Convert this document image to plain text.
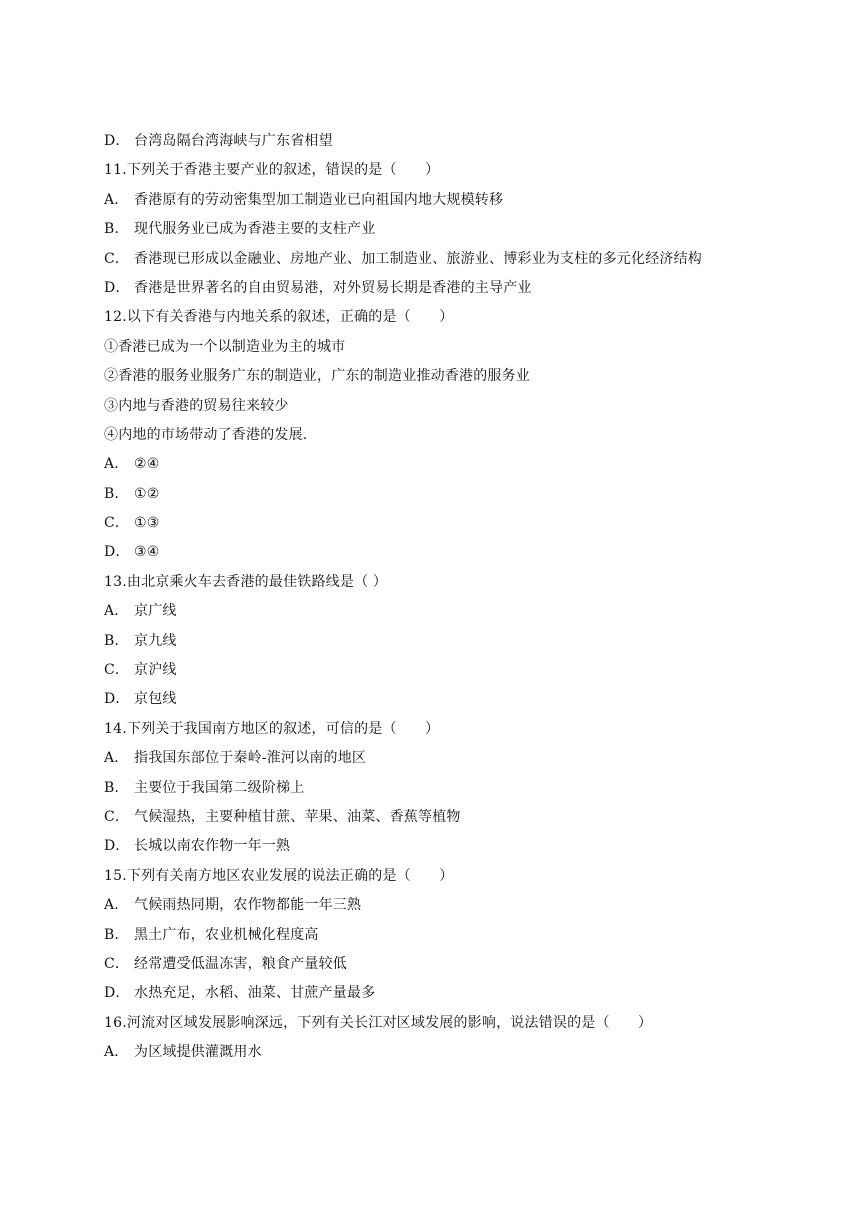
D． 台湾岛隔台湾海峡与广东省相望
11.下列关于香港主要产业的叙述，错误的是（　　）
A． 香港原有的劳动密集型加工制造业已向祖国内地大规模转移
B． 现代服务业已成为香港主要的支柱产业
C． 香港现已形成以金融业、房地产业、加工制造业、旅游业、博彩业为支柱的多元化经济结构
D． 香港是世界著名的自由贸易港，对外贸易长期是香港的主导产业
12.以下有关香港与内地关系的叙述，正确的是（　　）
①香港已成为一个以制造业为主的城市
②香港的服务业服务广东的制造业，广东的制造业推动香港的服务业
③内地与香港的贸易往来较少
④内地的市场带动了香港的发展.
A． ②④
B． ①②
C． ①③
D． ③④
13.由北京乘火车去香港的最佳铁路线是（ ）
A． 京广线
B． 京九线
C． 京沪线
D． 京包线
14.下列关于我国南方地区的叙述，可信的是（　　）
A． 指我国东部位于秦岭-淮河以南的地区
B． 主要位于我国第二级阶梯上
C． 气候湿热，主要种植甘蔗、苹果、油菜、香蕉等植物
D． 长城以南农作物一年一熟
15.下列有关南方地区农业发展的说法正确的是（　　）
A． 气候雨热同期，农作物都能一年三熟
B． 黑土广布，农业机械化程度高
C． 经常遭受低温冻害，粮食产量较低
D． 水热充足，水稻、油菜、甘蔗产量最多
16.河流对区域发展影响深远，下列有关长江对区域发展的影响，说法错误的是（　　）
A． 为区域提供灌溉用水
